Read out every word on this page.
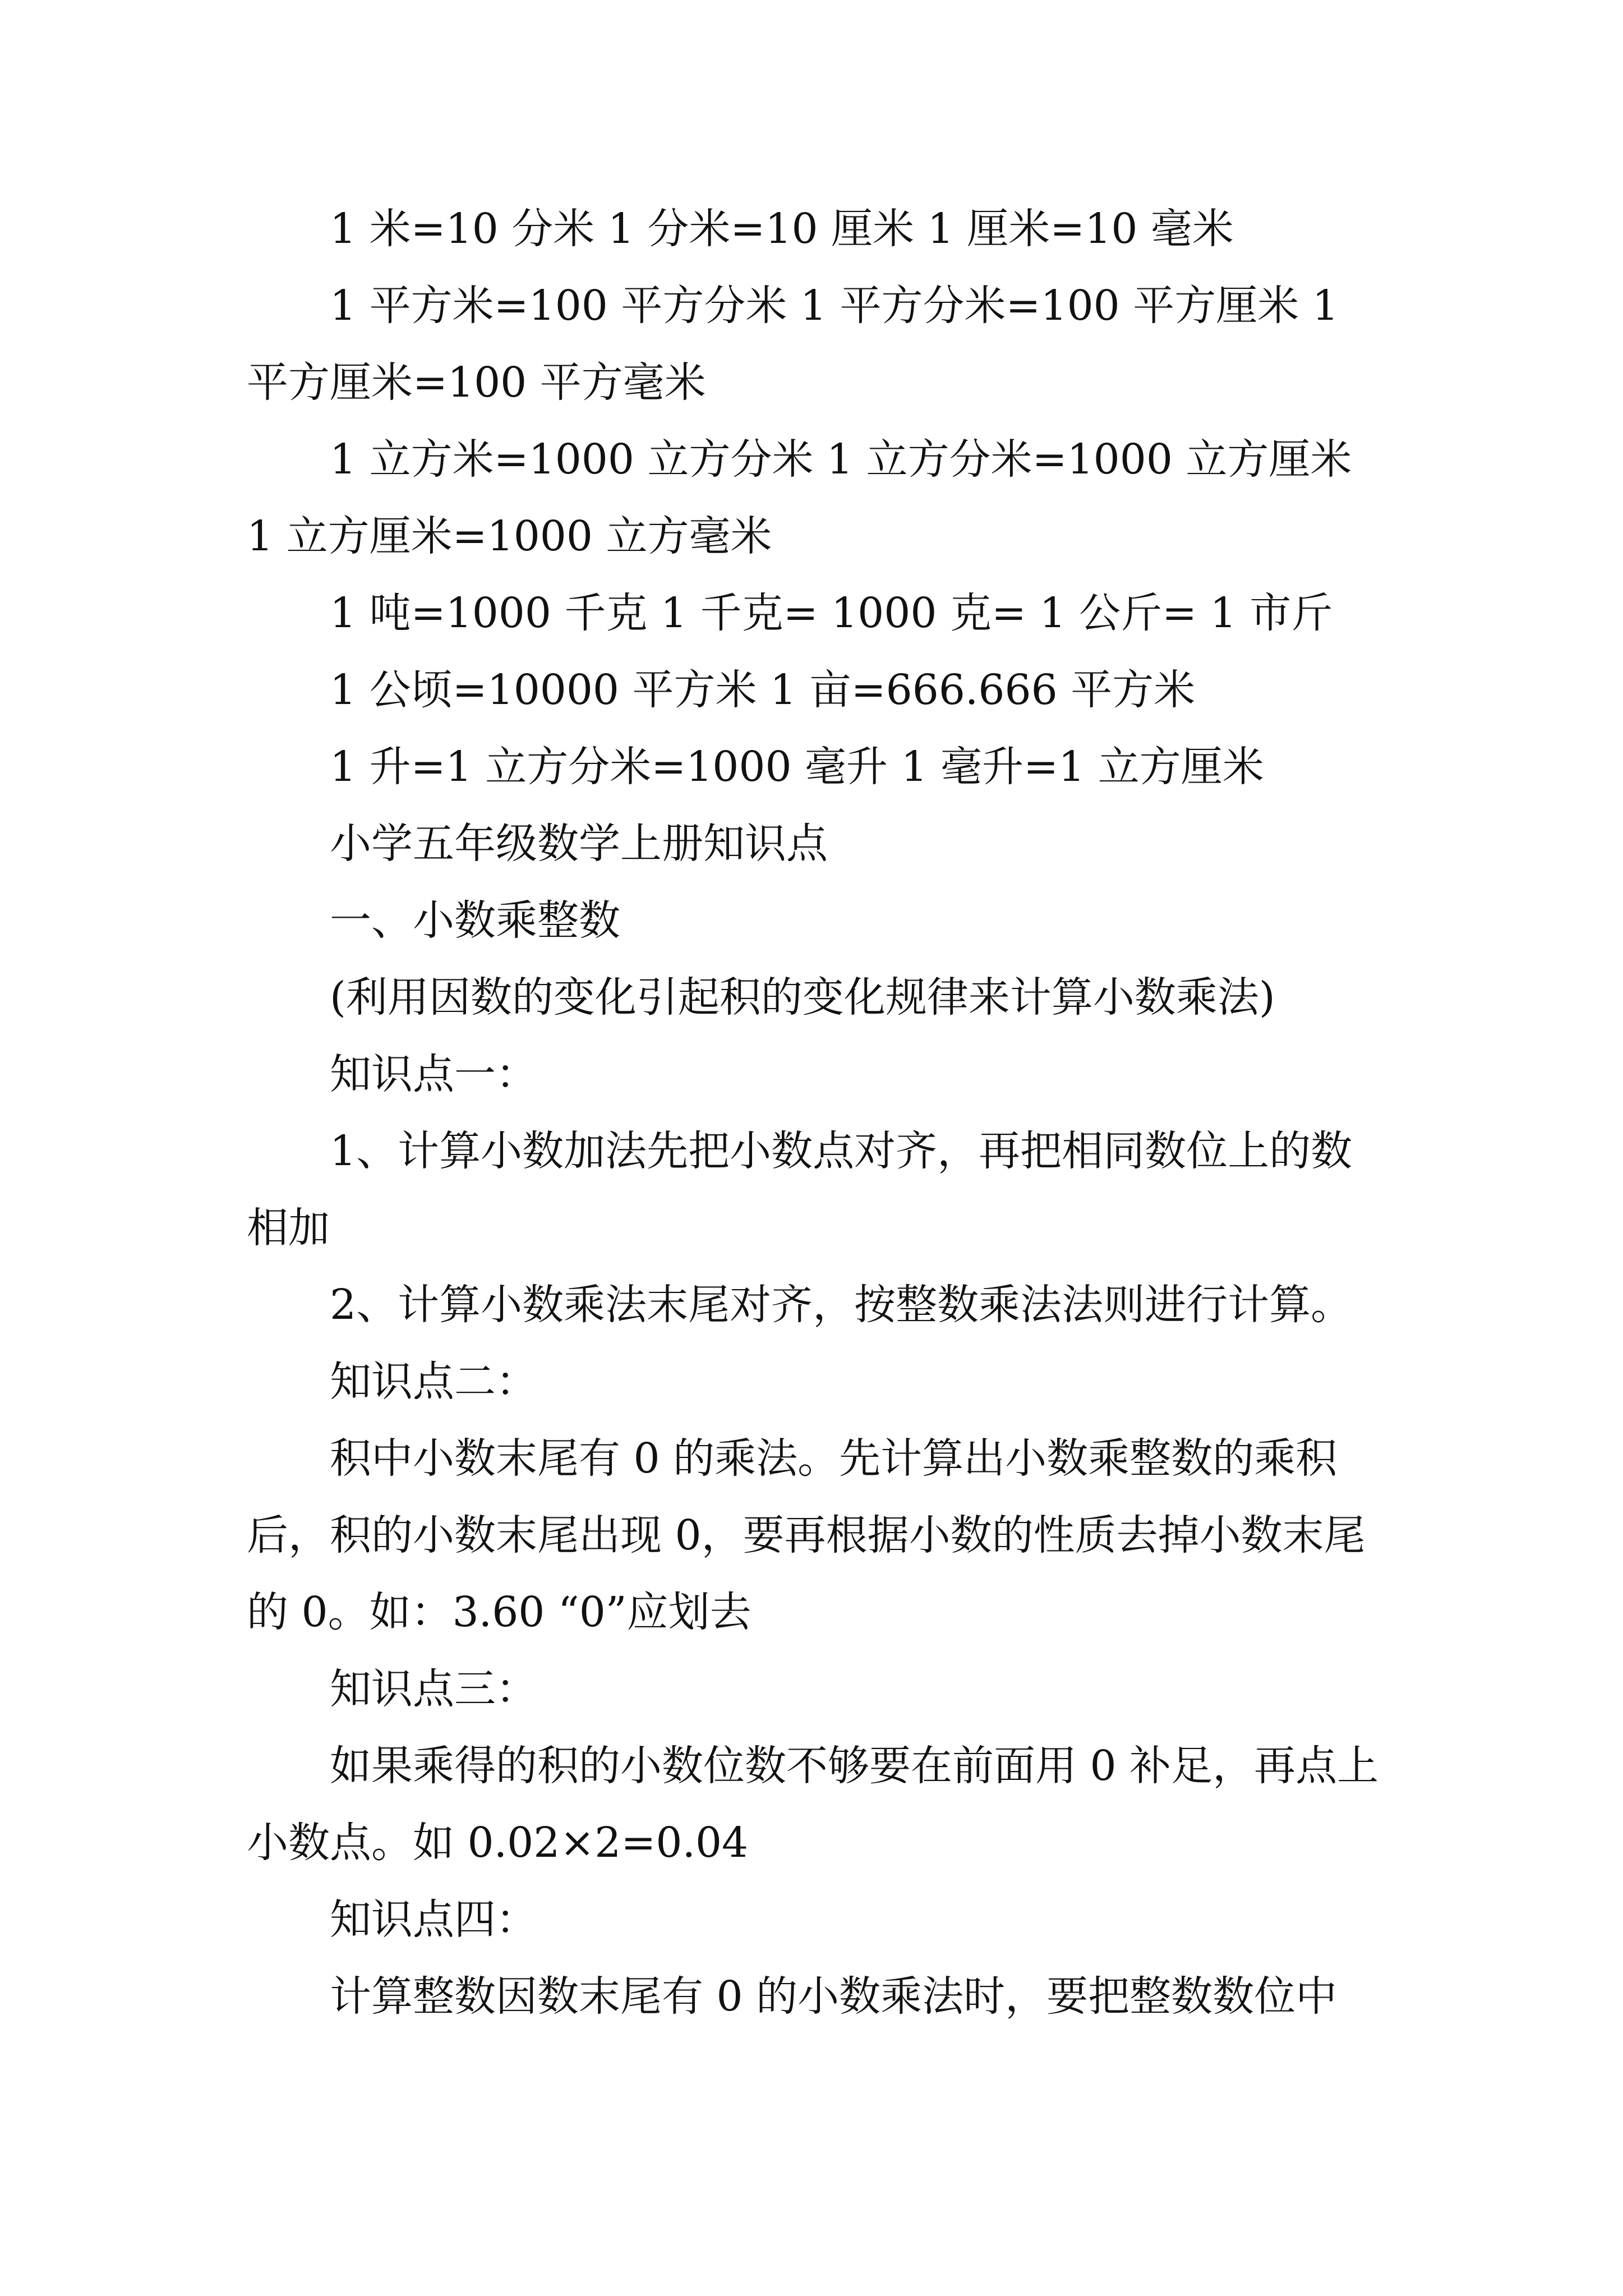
1 米=10 分米 1 分米=10 厘米 1 厘米=10 毫米

1 平方米=100 平方分米 1 平方分米=100 平方厘米 1 平方厘米=100 平方毫米

1 立方米=1000 立方分米 1 立方分米=1000 立方厘米 1 立方厘米=1000 立方毫米

1 吨=1000 千克 1 千克= 1000 克= 1 公斤= 1 市斤

1 公顷=10000 平方米 1 亩=666.666 平方米

1 升=1 立方分米=1000 毫升 1 毫升=1 立方厘米

小学五年级数学上册知识点

一、小数乘整数

(利用因数的变化引起积的变化规律来计算小数乘法)

知识点一：

1、计算小数加法先把小数点对齐，再把相同数位上的数相加

2、计算小数乘法末尾对齐，按整数乘法法则进行计算。

知识点二：

积中小数末尾有 0 的乘法。先计算出小数乘整数的乘积后，积的小数末尾出现 0，要再根据小数的性质去掉小数末尾的 0。如：3.60 “0”应划去

知识点三：

如果乘得的积的小数位数不够要在前面用 0 补足，再点上小数点。如 0.02×2=0.04

知识点四：

计算整数因数末尾有 0 的小数乘法时，要把整数数位中
